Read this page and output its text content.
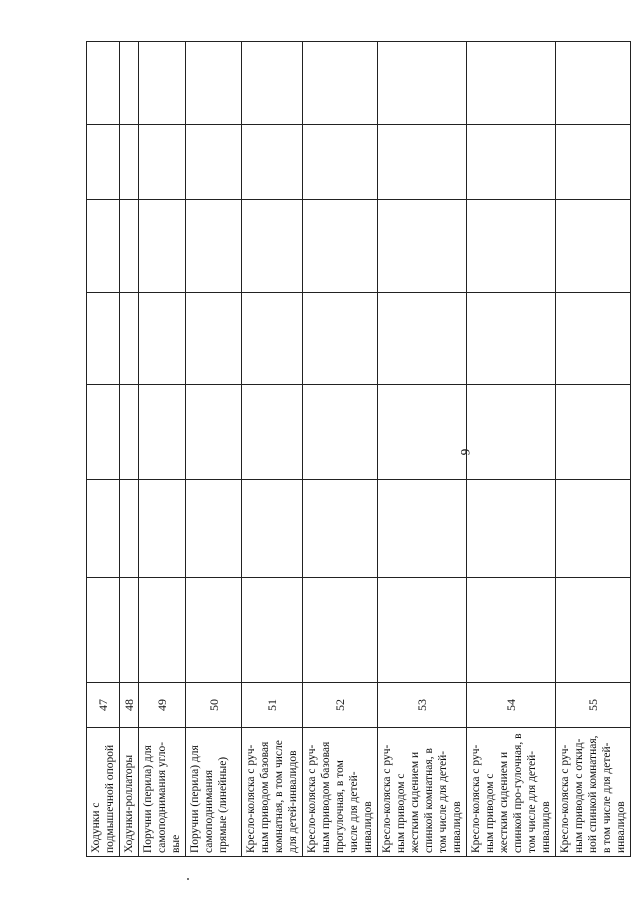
9
Ходунки с подмышечной опорой	47							
Ходунки-роллаторы	48							
Поручни (перила) для самоподнимания угло-вые	49							
Поручни (перила) для самоподнимания прямые (линейные)	50							
Кресло-коляска с руч-ным приводом базовая комнатная, в том числе для детей-инвалидов	51							
Кресло-коляска с руч-ным приводом базовая прогулочная, в том числе для детей-инвалидов	52							
Кресло-коляска с руч-ным приводом с жестким сидением и спинкой комнатная, в том числе для детей-инвалидов	53							
Кресло-коляска с руч-ным приводом с жестким сидением и спинкой про-гулочная, в том числе для детей-инвалидов	54							
Кресло-коляска с руч-ным приводом с откид-ной спинкой комнатная, в том числе для детей-инвалидов	55							
